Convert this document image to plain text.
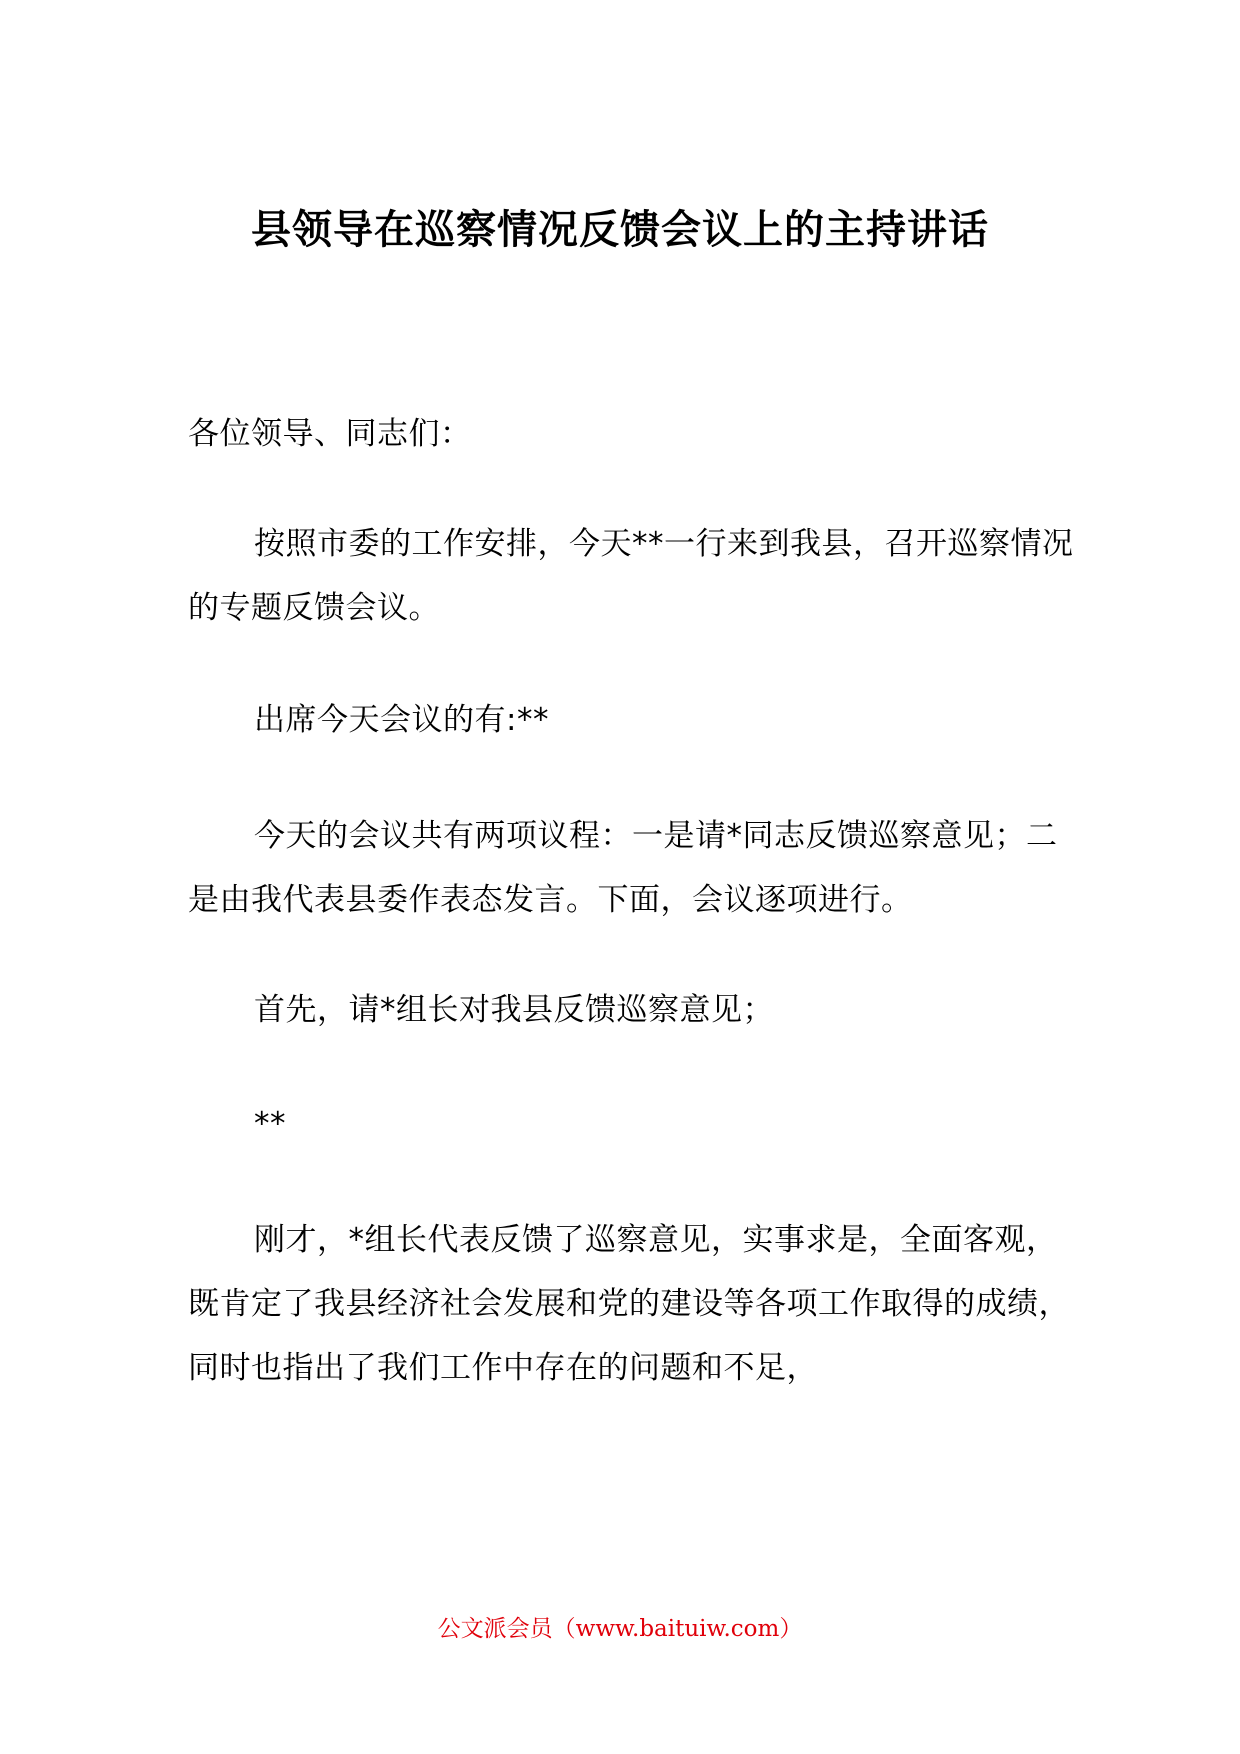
县领导在巡察情况反馈会议上的主持讲话

各位领导、同志们：

按照市委的工作安排，今天**一行来到我县，召开巡察情况的专题反馈会议。

出席今天会议的有:**

今天的会议共有两项议程：一是请*同志反馈巡察意见；二是由我代表县委作表态发言。下面，会议逐项进行。

首先，请*组长对我县反馈巡察意见；

**

刚才，*组长代表反馈了巡察意见，实事求是，全面客观，既肯定了我县经济社会发展和党的建设等各项工作取得的成绩，同时也指出了我们工作中存在的问题和不足，

公文派会员（www.baituiw.com）
